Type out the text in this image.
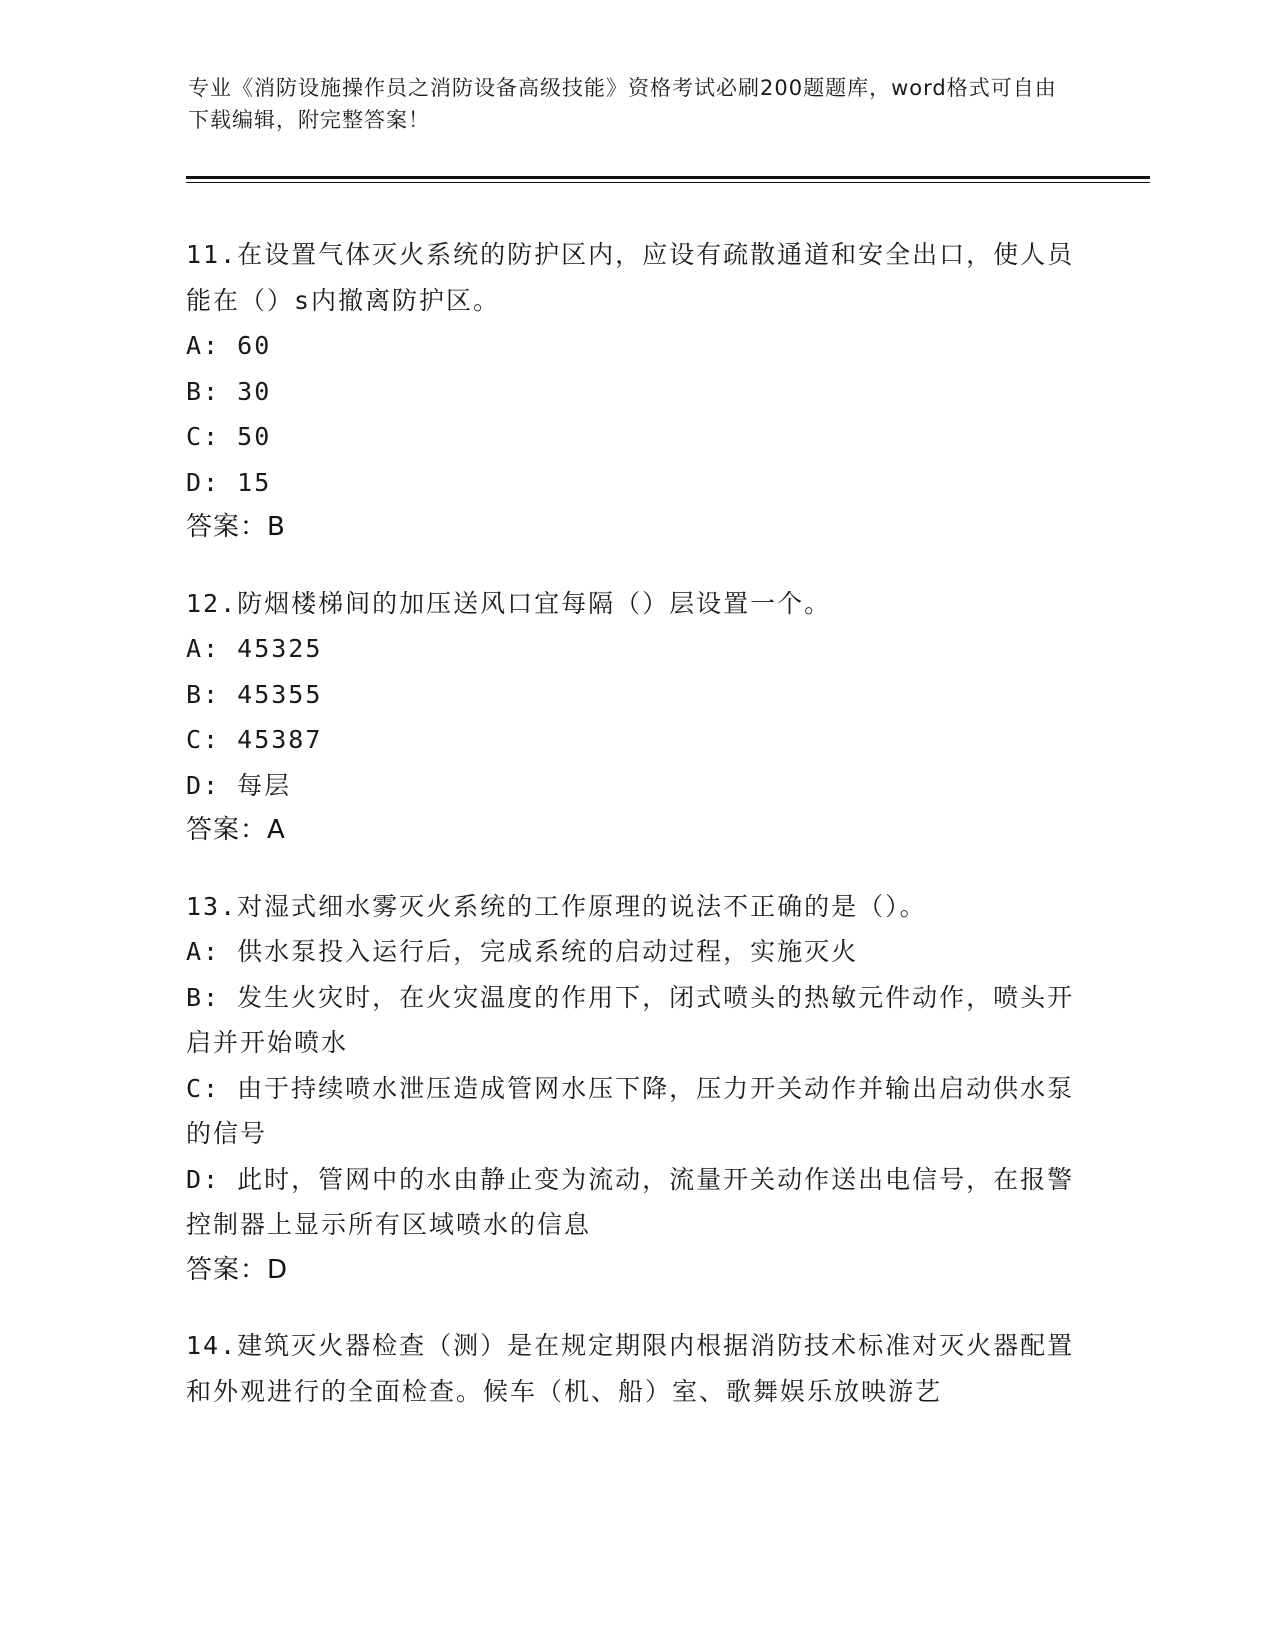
专业《消防设施操作员之消防设备高级技能》资格考试必刷200题题库，word格式可自由下载编辑，附完整答案！
11.在设置气体灭火系统的防护区内，应设有疏散通道和安全出口，使人员能在（）s内撤离防护区。
A: 60
B: 30
C: 50
D: 15
答案：B
12.防烟楼梯间的加压送风口宜每隔（）层设置一个。
A: 45325
B: 45355
C: 45387
D: 每层
答案：A
13.对湿式细水雾灭火系统的工作原理的说法不正确的是（）。
A: 供水泵投入运行后，完成系统的启动过程，实施灭火
B: 发生火灾时，在火灾温度的作用下，闭式喷头的热敏元件动作，喷头开启并开始喷水
C: 由于持续喷水泄压造成管网水压下降，压力开关动作并输出启动供水泵的信号
D: 此时，管网中的水由静止变为流动，流量开关动作送出电信号，在报警控制器上显示所有区域喷水的信息
答案：D
14.建筑灭火器检查（测）是在规定期限内根据消防技术标准对灭火器配置和外观进行的全面检查。候车（机、船）室、歌舞娱乐放映游艺
